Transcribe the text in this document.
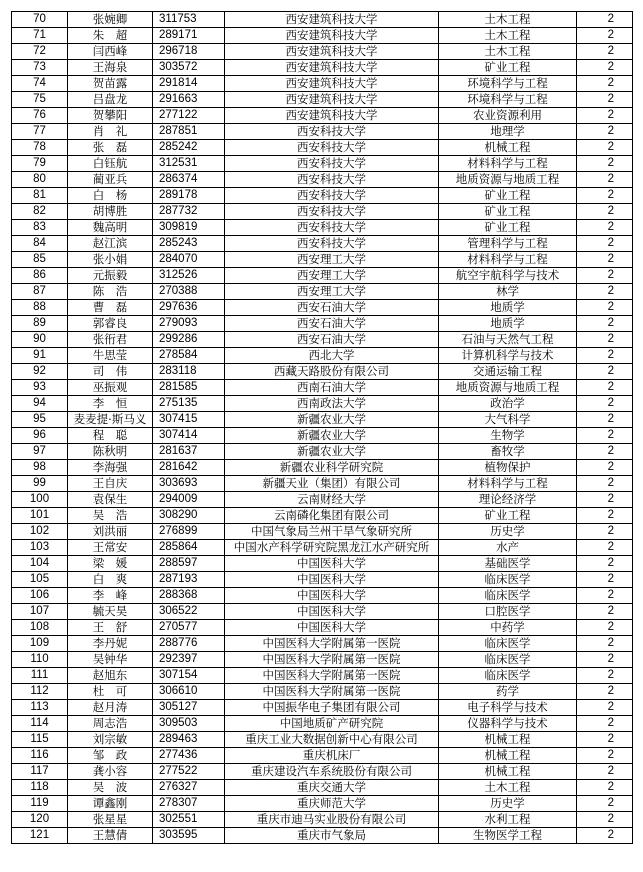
70	张婉卿	311753	西安建筑科技大学	土木工程	2
71	朱　超	289171	西安建筑科技大学	土木工程	2
72	闫西峰	296718	西安建筑科技大学	土木工程	2
73	王海泉	303572	西安建筑科技大学	矿业工程	2
74	贺苗露	291814	西安建筑科技大学	环境科学与工程	2
75	吕盘龙	291663	西安建筑科技大学	环境科学与工程	2
76	贺攀阳	277122	西安建筑科技大学	农业资源利用	2
77	肖　礼	287851	西安科技大学	地理学	2
78	张　磊	285242	西安科技大学	机械工程	2
79	白钰航	312531	西安科技大学	材料科学与工程	2
80	蔺亚兵	286374	西安科技大学	地质资源与地质工程	2
81	白　杨	289178	西安科技大学	矿业工程	2
82	胡博胜	287732	西安科技大学	矿业工程	2
83	魏高明	309819	西安科技大学	矿业工程	2
84	赵江滨	285243	西安科技大学	管理科学与工程	2
85	张小娟	284070	西安理工大学	材料科学与工程	2
86	元振毅	312526	西安理工大学	航空宇航科学与技术	2
87	陈　浩	270388	西安理工大学	林学	2
88	曹　磊	297636	西安石油大学	地质学	2
89	郭睿良	279093	西安石油大学	地质学	2
90	张衎君	299286	西安石油大学	石油与天然气工程	2
91	牛思莹	278584	西北大学	计算机科学与技术	2
92	司　伟	283118	西藏天路股份有限公司	交通运输工程	2
93	巫振观	281585	西南石油大学	地质资源与地质工程	2
94	李　恒	275135	西南政法大学	政治学	2
95	麦麦提·斯马义	307415	新疆农业大学	大气科学	2
96	程　聪	307414	新疆农业大学	生物学	2
97	陈秋明	281637	新疆农业大学	畜牧学	2
98	李海强	281642	新疆农业科学研究院	植物保护	2
99	王自庆	303693	新疆天业（集团）有限公司	材料科学与工程	2
100	袁保生	294009	云南财经大学	理论经济学	2
101	吴　浩	308290	云南磷化集团有限公司	矿业工程	2
102	刘洪丽	276899	中国气象局兰州干旱气象研究所	历史学	2
103	王常安	285864	中国水产科学研究院黑龙江水产研究所	水产	2
104	梁　媛	288597	中国医科大学	基础医学	2
105	白　爽	287193	中国医科大学	临床医学	2
106	李　峰	288368	中国医科大学	临床医学	2
107	毓天昊	306522	中国医科大学	口腔医学	2
108	王　舒	270577	中国医科大学	中药学	2
109	李丹妮	288776	中国医科大学附属第一医院	临床医学	2
110	吴钟华	292397	中国医科大学附属第一医院	临床医学	2
111	赵旭东	307154	中国医科大学附属第一医院	临床医学	2
112	杜　可	306610	中国医科大学附属第一医院	药学	2
113	赵月涛	305127	中国振华电子集团有限公司	电子科学与技术	2
114	周志浩	309503	中国地质矿产研究院	仪器科学与技术	2
115	刘宗敏	289463	重庆工业大数据创新中心有限公司	机械工程	2
116	邹　政	277436	重庆机床厂	机械工程	2
117	龚小容	277522	重庆建设汽车系统股份有限公司	机械工程	2
118	吴　波	276327	重庆交通大学	土木工程	2
119	谭鑫刚	278307	重庆师范大学	历史学	2
120	张星星	302551	重庆市迪马实业股份有限公司	水利工程	2
121	王慧倩	303595	重庆市气象局	生物医学工程	2
